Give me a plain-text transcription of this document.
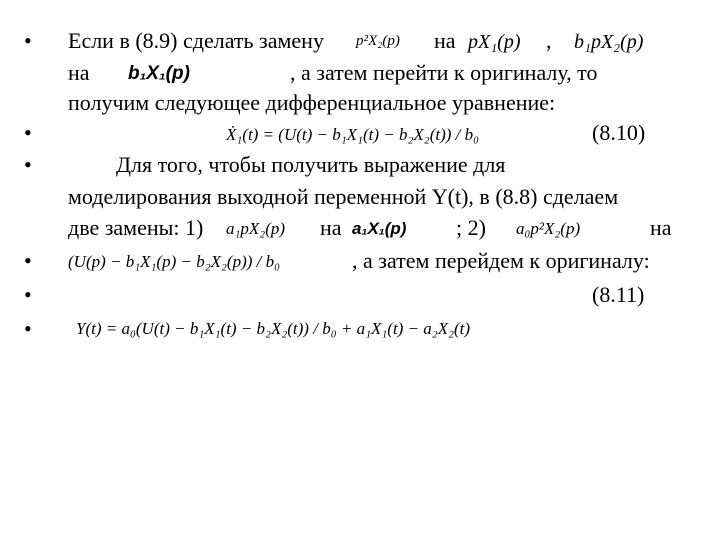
•
•
•
•
•
•
Если в (8.9) сделать замену p²X₂(p) на pX₁(p) , b₁pX₂(p)
на b₁X₁(p)	, а затем перейти к оригиналу, то
получим следующее дифференциальное уравнение:
Ẋ₁(t) = (U(t) − b₁X₁(t) − b₂X₂(t)) / b₀	(8.10)
Для того, чтобы получить выражение для
моделирования выходной переменной Y(t), в (8.8) сделаем
две замены: 1) a₁pX₂(p) на a₁X₁(p) ; 2) a₀p²X₂(p)	на
(U(p) − b₁X₁(p) − b₂X₂(p)) / b₀	, а затем перейдем к оригиналу:
(8.11)
Y(t) = a₀(U(t) − b₁X₁(t) − b₂X₂(t)) / b₀ + a₁X₁(t) − a₂X₂(t)
